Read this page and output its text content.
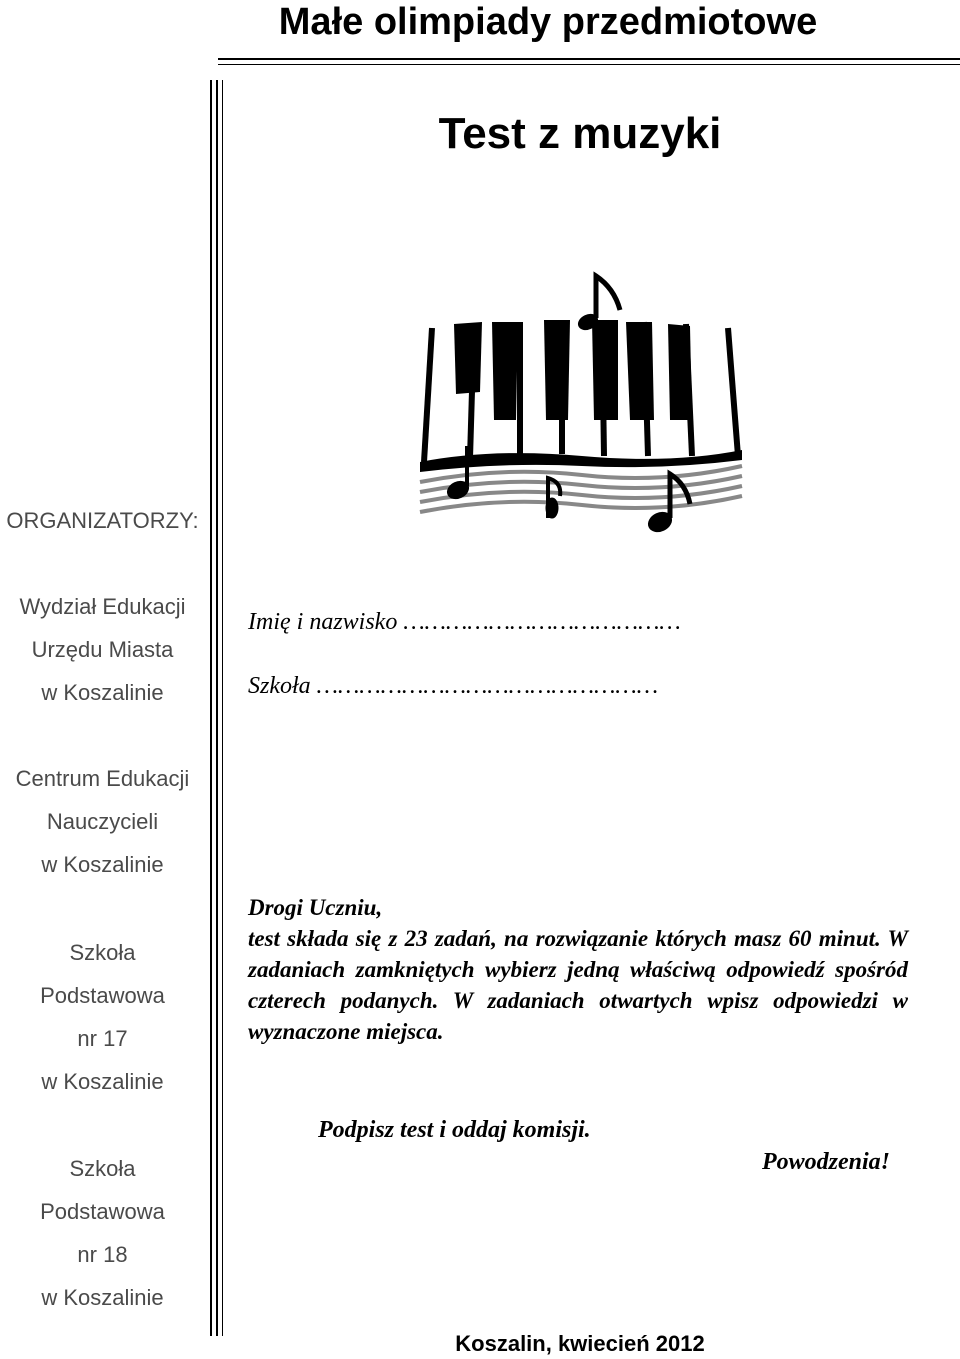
Małe olimpiady przedmiotowe
Test z muzyki
ORGANIZATORZY:
Wydział Edukacji
Urzędu Miasta
w Koszalinie
Centrum Edukacji
Nauczycieli
w Koszalinie
Szkoła
Podstawowa
nr 17
w Koszalinie
Szkoła
Podstawowa
nr 18
w Koszalinie
Imię i nazwisko …………………………………
Szkoła …………………………………………
Drogi Uczniu,
test składa się z 23 zadań, na rozwiązanie których masz 60 minut. W zadaniach zamkniętych wybierz jedną właściwą odpowiedź spośród czterech podanych. W zadaniach otwartych wpisz odpowiedzi w wyznaczone miejsca.
Podpisz test i oddaj komisji.
Powodzenia!
Koszalin, kwiecień 2012
